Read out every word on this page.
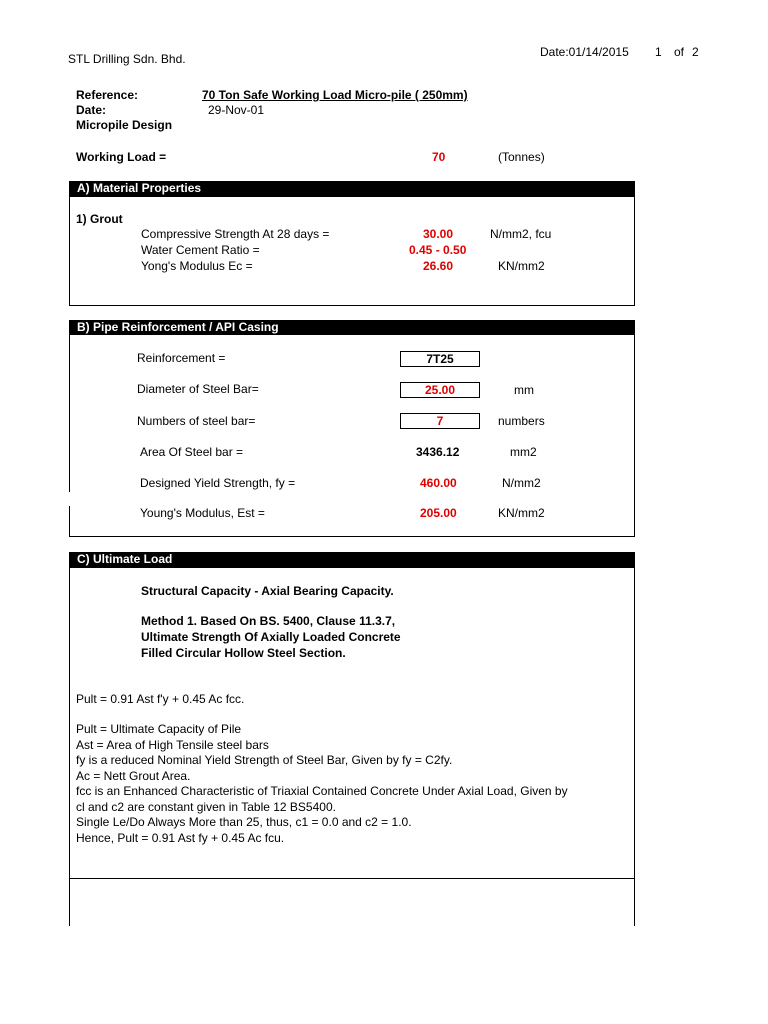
STL Drilling Sdn. Bhd.	Date:01/14/2015 1 of 2
Reference:	70 Ton Safe Working Load Micro-pile ( 250mm)
Date:	29-Nov-01
Micropile Design
Working Load =	70	(Tonnes)
A) Material Properties
1) Grout
Compressive Strength At 28 days =	30.00	N/mm2, fcu
Water Cement Ratio =	0.45 - 0.50
Yong's Modulus Ec =	26.60	KN/mm2
B) Pipe Reinforcement / API Casing
Reinforcement =	7T25
Diameter of Steel Bar=	25.00	mm
Numbers of steel bar=	7	numbers
Area Of Steel bar =	3436.12	mm2
Designed Yield Strength, fy =	460.00	N/mm2
Young's Modulus, Est =	205.00	KN/mm2
C) Ultimate Load
Structural Capacity - Axial Bearing Capacity.
Method 1. Based On BS. 5400, Clause 11.3.7,
Ultimate Strength Of Axially Loaded Concrete
Filled Circular Hollow Steel Section.
Pult = 0.91 Ast f'y + 0.45 Ac fcc.
Pult = Ultimate Capacity of Pile
Ast = Area of High Tensile steel bars
fy is a reduced Nominal Yield Strength of Steel Bar, Given by fy = C2fy.
Ac = Nett Grout Area.
fcc is an Enhanced Characteristic of Triaxial Contained Concrete Under Axial Load, Given by
cl and c2 are constant given in Table 12 BS5400.
Single Le/Do Always More than 25, thus, c1 = 0.0 and c2 = 1.0.
Hence, Pult = 0.91 Ast fy + 0.45 Ac fcu.
